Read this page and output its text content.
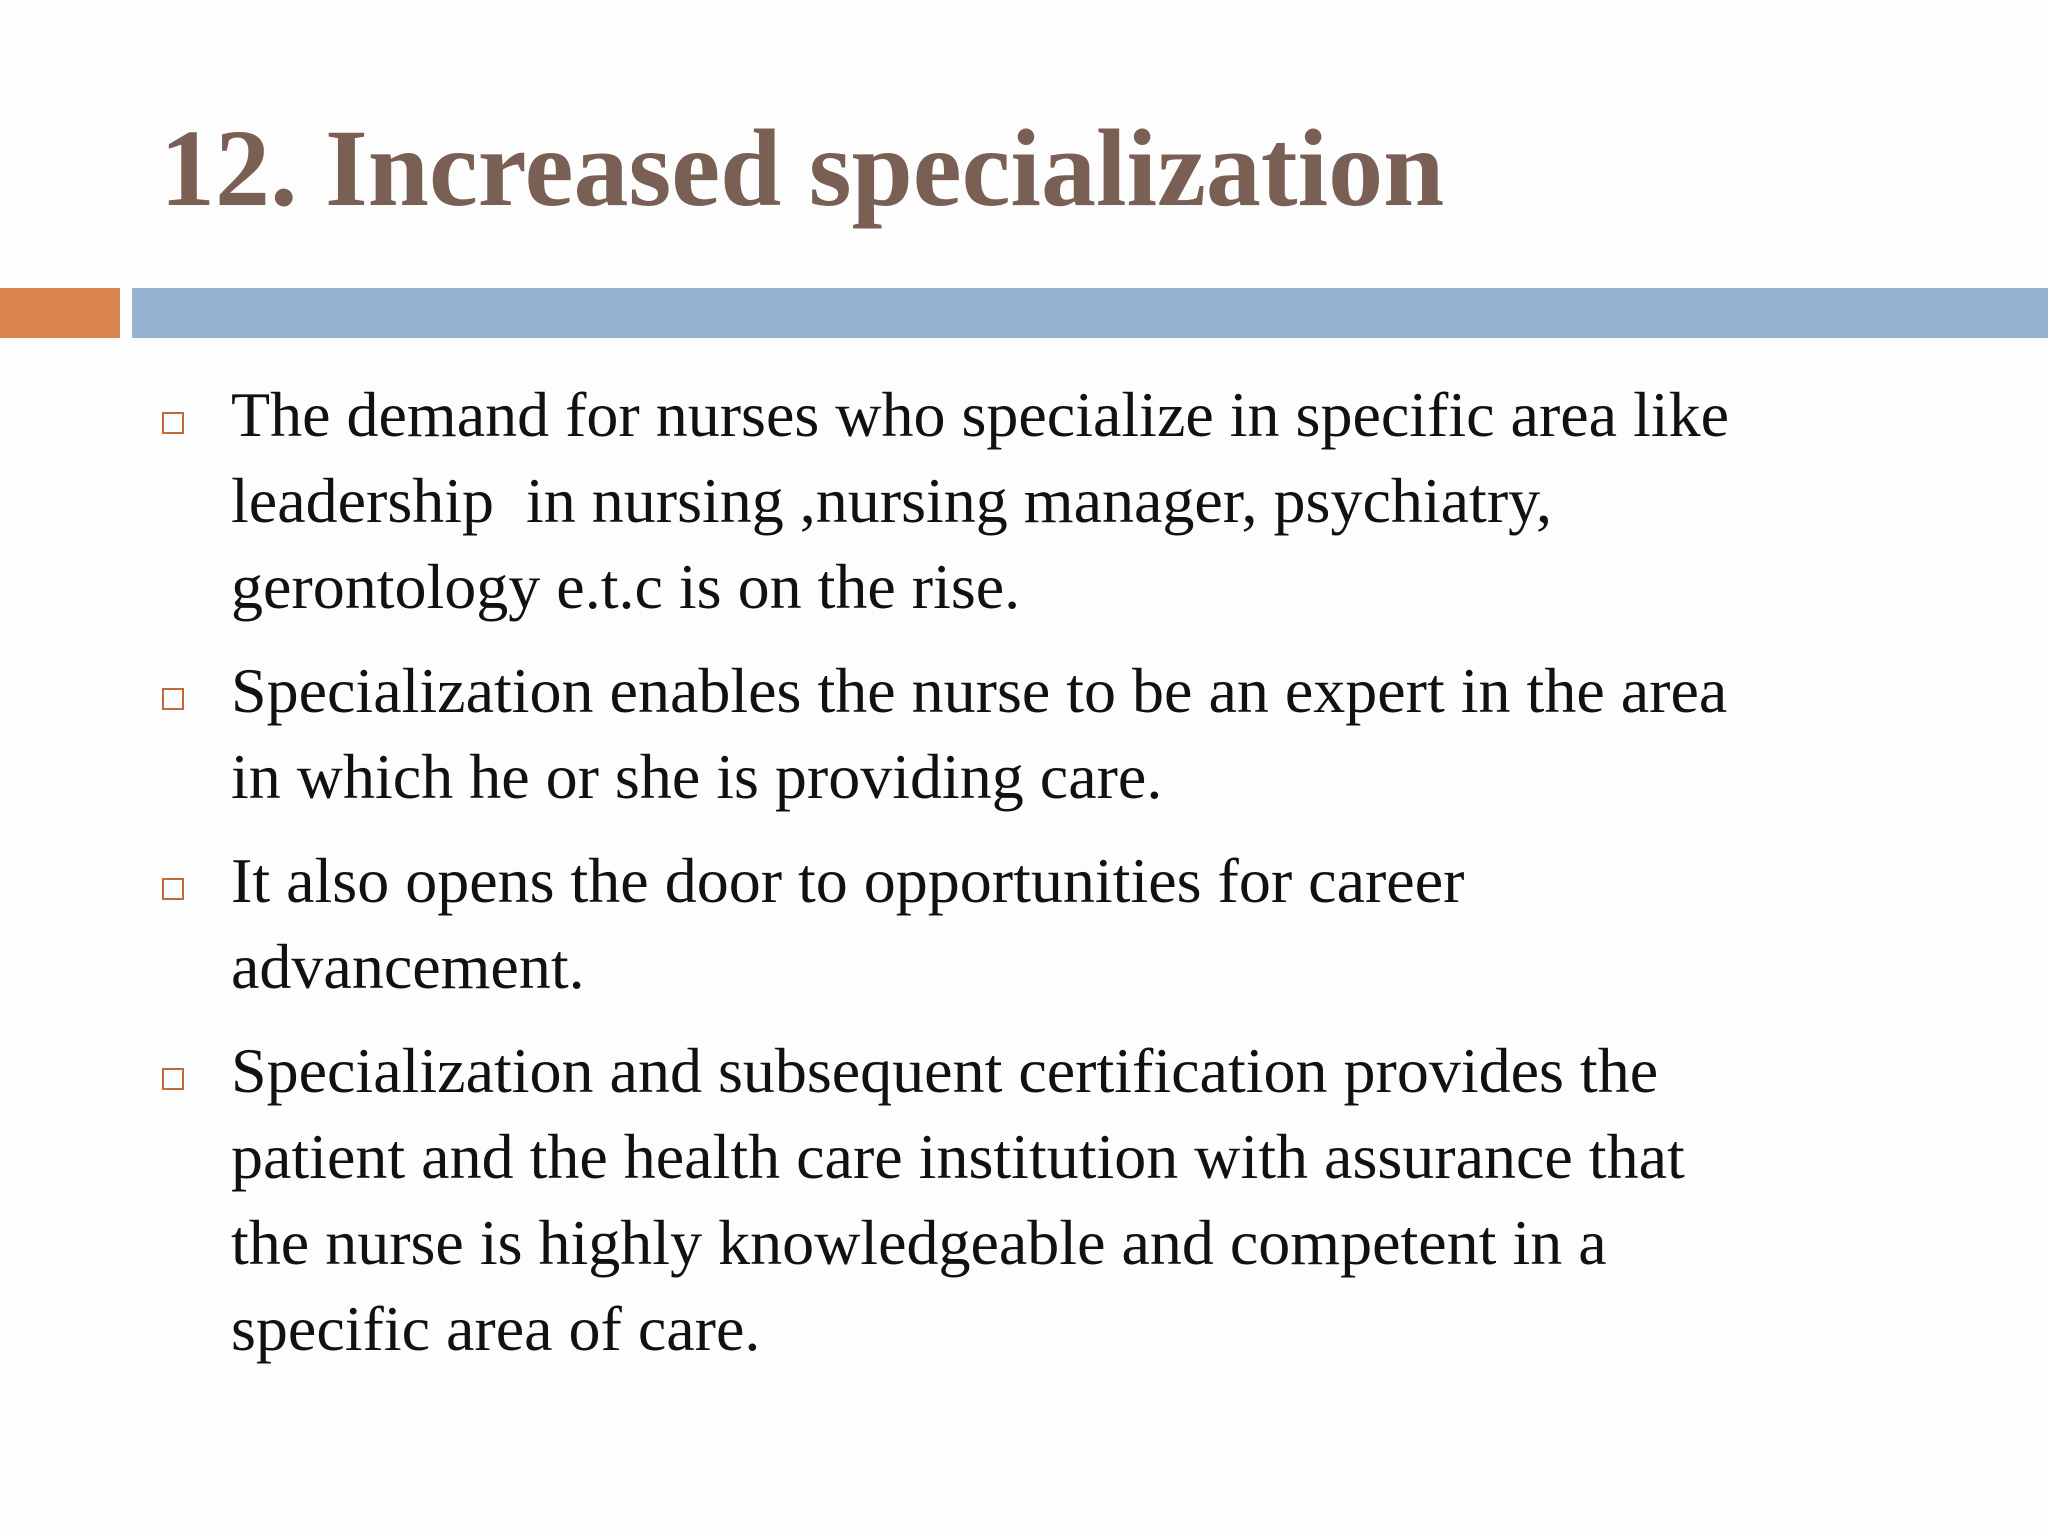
12. Increased specialization
The demand for nurses who specialize in specific area like
leadership  in nursing ,nursing manager, psychiatry,
gerontology e.t.c is on the rise.
Specialization enables the nurse to be an expert in the area
in which he or she is providing care.
It also opens the door to opportunities for career
advancement.
Specialization and subsequent certification provides the
patient and the health care institution with assurance that
the nurse is highly knowledgeable and competent in a
specific area of care.
